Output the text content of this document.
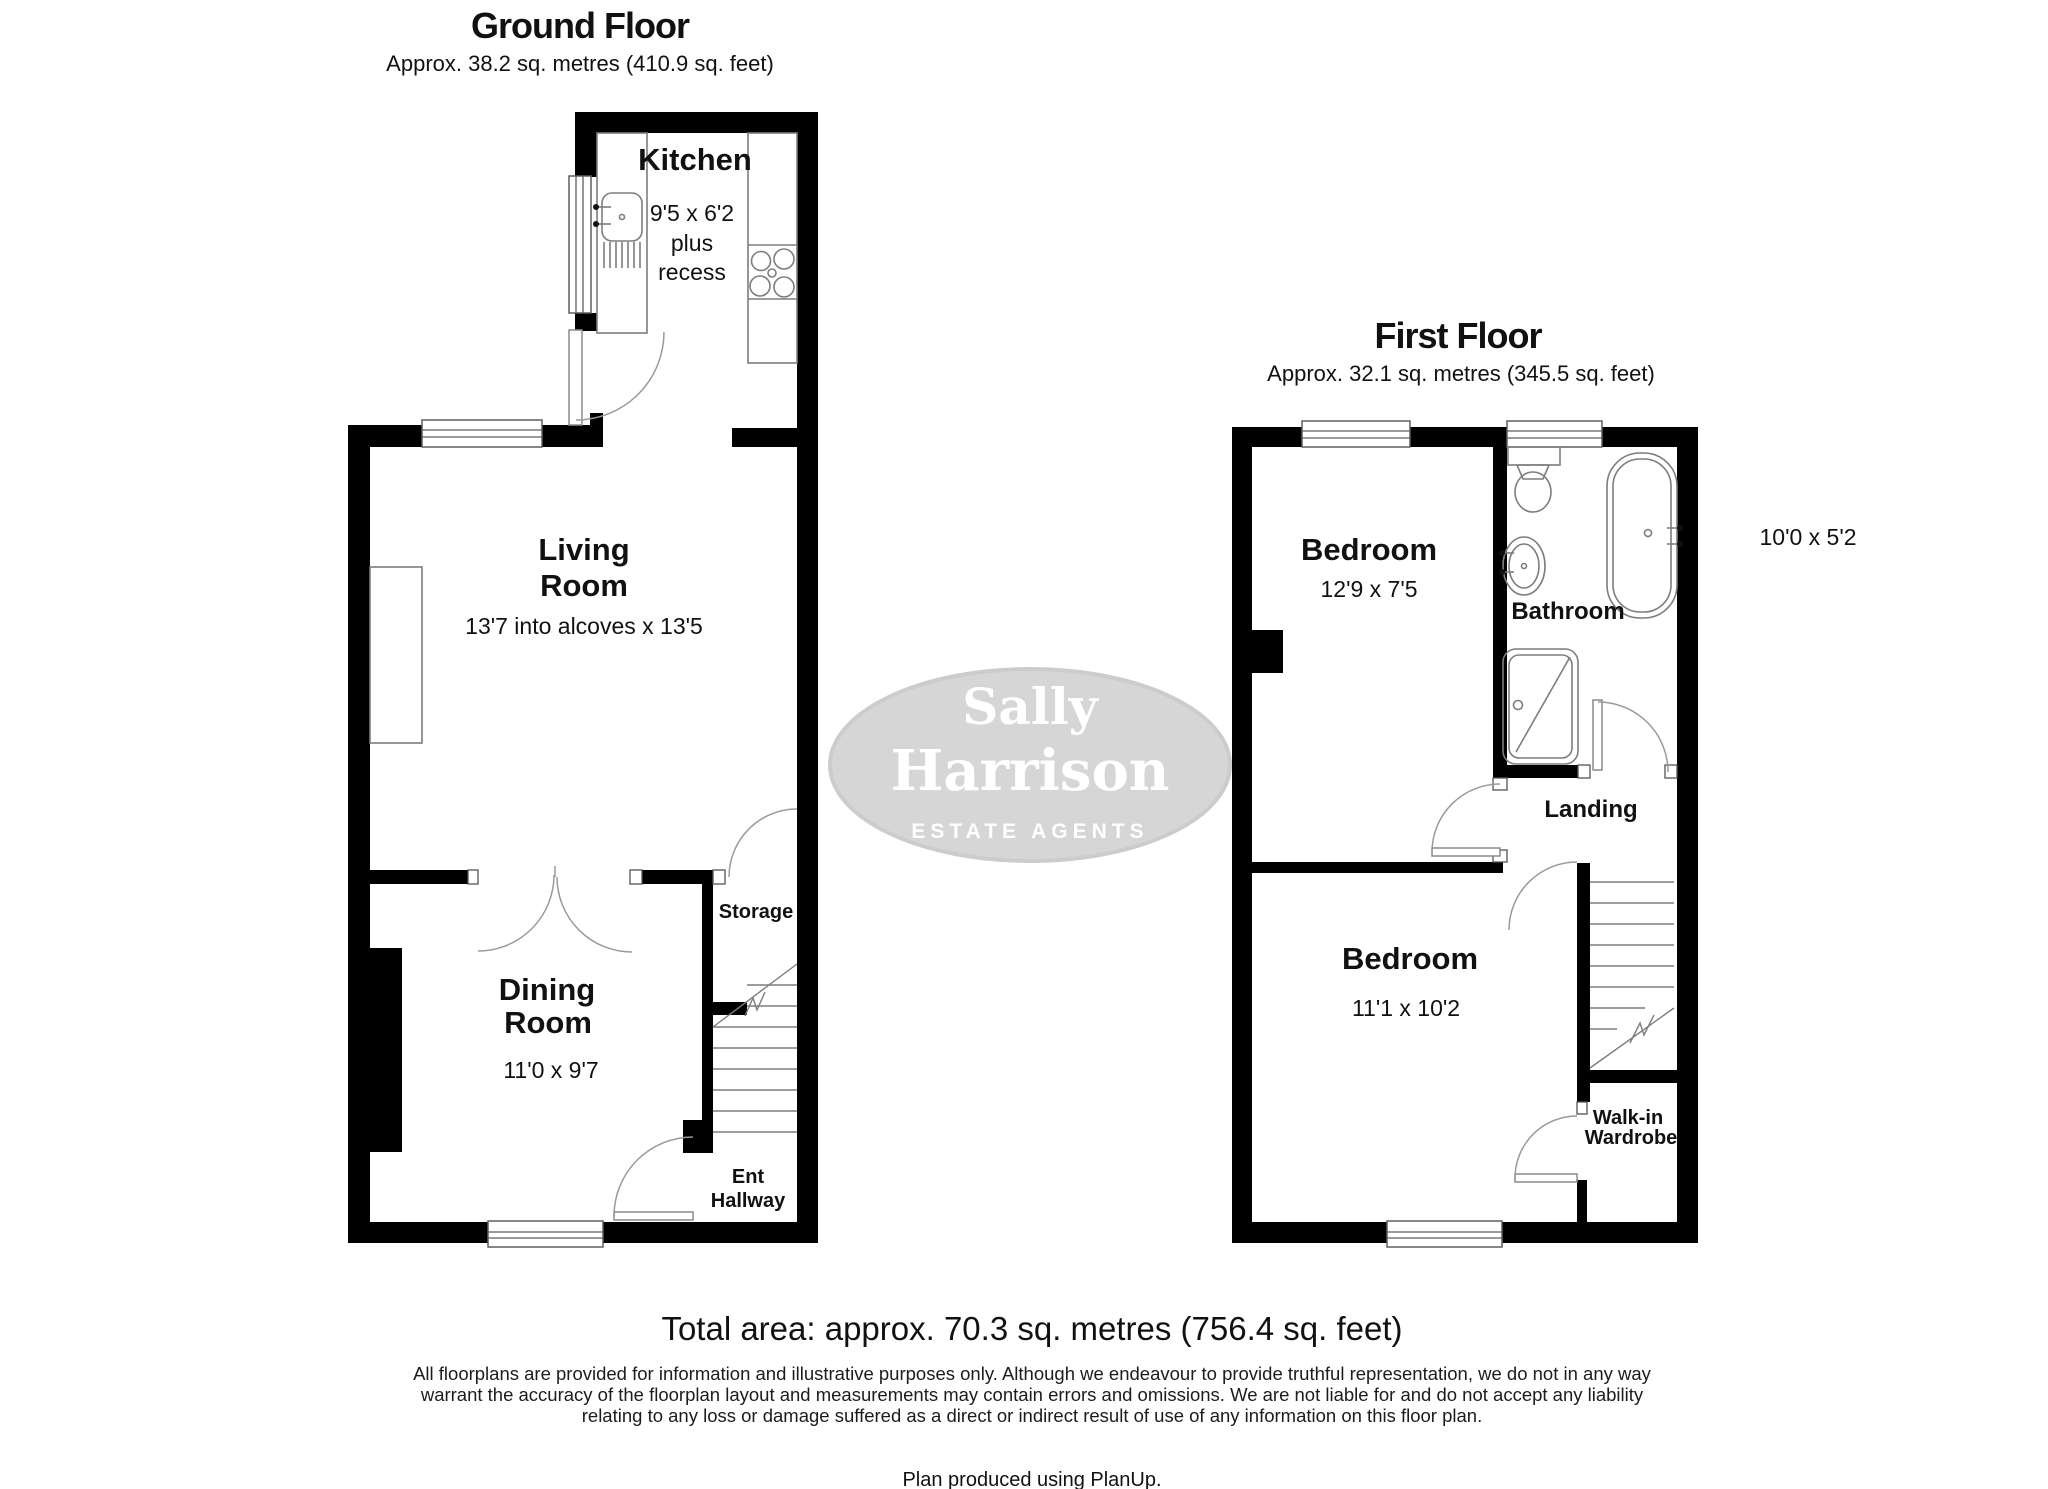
Sally
Harrison
ESTATE AGENTS
Ground Floor
Approx. 38.2 sq. metres (410.9 sq. feet)
Kitchen
9'5 x 6'2
plus
recess
Living
Room
13'7 into alcoves x 13'5
Storage
Dining
Room
11'0 x 9'7
Ent
Hallway
First Floor
Approx. 32.1 sq. metres (345.5 sq. feet)
Bedroom
12'9 x 7'5
Bathroom
10'0 x 5'2
Landing
Bedroom
11'1 x 10'2
Walk-in
Wardrobe
Total area: approx. 70.3 sq. metres (756.4 sq. feet)
All floorplans are provided for information and illustrative purposes only. Although we endeavour to provide truthful representation, we do not in any way
warrant the accuracy of the floorplan layout and measurements may contain errors and omissions. We are not liable for and do not accept any liability
relating to any loss or damage suffered as a direct or indirect result of use of any information on this floor plan.
Plan produced using PlanUp.
